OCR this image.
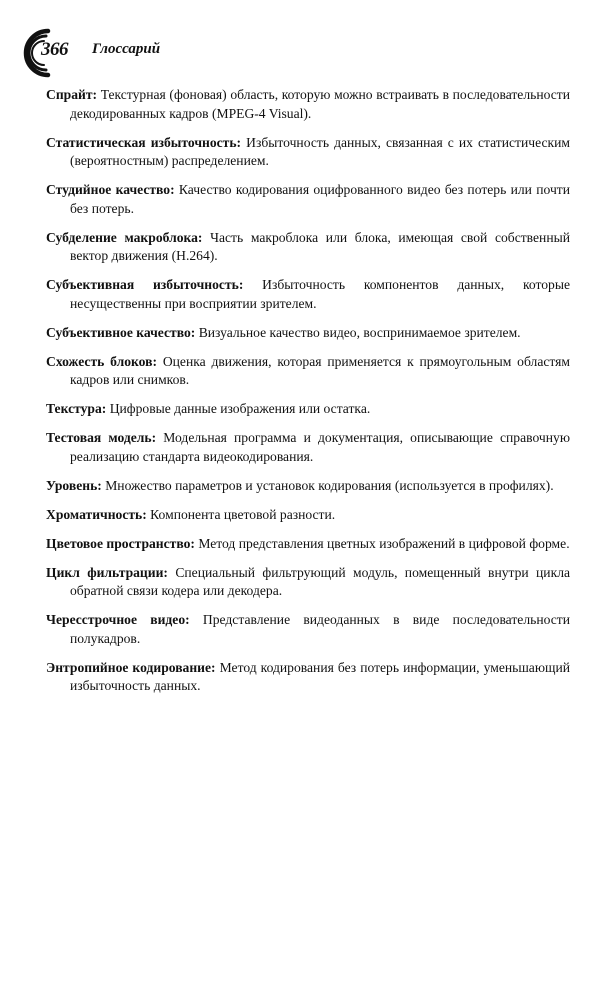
366 Глоссарий

Спрайт: Текстурная (фоновая) область, которую можно встраивать в последовательности декодированных кадров (MPEG-4 Visual).

Статистическая избыточность: Избыточность данных, связанная с их статистическим (вероятностным) распределением.

Студийное качество: Качество кодирования оцифрованного видео без потерь или почти без потерь.

Субделение макроблока: Часть макроблока или блока, имеющая свой собственный вектор движения (H.264).

Субъективная избыточность: Избыточность компонентов данных, которые несущественны при восприятии зрителем.

Субъективное качество: Визуальное качество видео, воспринимаемое зрителем.

Схожесть блоков: Оценка движения, которая применяется к прямоугольным областям кадров или снимков.

Текстура: Цифровые данные изображения или остатка.

Тестовая модель: Модельная программа и документация, описывающие справочную реализацию стандарта видеокодирования.

Уровень: Множество параметров и установок кодирования (используется в профилях).

Хроматичность: Компонента цветовой разности.

Цветовое пространство: Метод представления цветных изображений в цифровой форме.

Цикл фильтрации: Специальный фильтрующий модуль, помещенный внутри цикла обратной связи кодера или декодера.

Чересстрочное видео: Представление видеоданных в виде последовательности полукадров.

Энтропийное кодирование: Метод кодирования без потерь информации, уменьшающий избыточность данных.
